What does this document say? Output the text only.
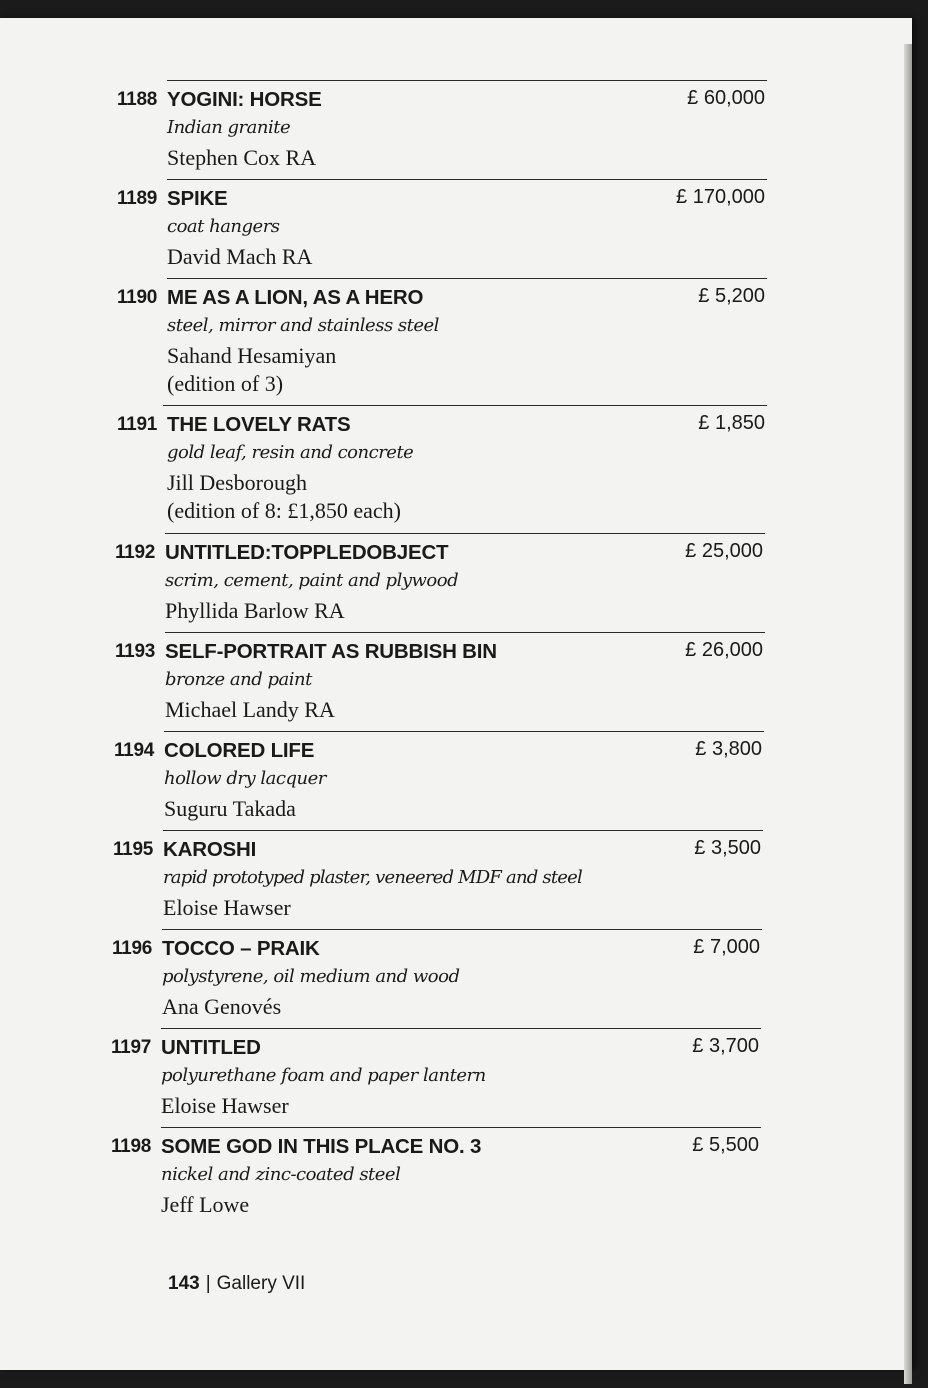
1188 YOGINI: HORSE	£ 60,000
Indian granite
Stephen Cox RA
1189 SPIKE	£ 170,000
coat hangers
David Mach RA
1190 ME AS A LION, AS A HERO	£ 5,200
steel, mirror and stainless steel
Sahand Hesamiyan
(edition of 3)
1191 THE LOVELY RATS	£ 1,850
gold leaf, resin and concrete
Jill Desborough
(edition of 8: £1,850 each)
1192 UNTITLED:TOPPLEDOBJECT	£ 25,000
scrim, cement, paint and plywood
Phyllida Barlow RA
1193 SELF-PORTRAIT AS RUBBISH BIN	£ 26,000
bronze and paint
Michael Landy RA
1194 COLORED LIFE	£ 3,800
hollow dry lacquer
Suguru Takada
1195 KAROSHI	£ 3,500
rapid prototyped plaster, veneered MDF and steel
Eloise Hawser
1196 TOCCO – PRAIK	£ 7,000
polystyrene, oil medium and wood
Ana Genovés
1197 UNTITLED	£ 3,700
polyurethane foam and paper lantern
Eloise Hawser
1198 SOME GOD IN THIS PLACE NO. 3	£ 5,500
nickel and zinc-coated steel
Jeff Lowe
143 | Gallery VII
